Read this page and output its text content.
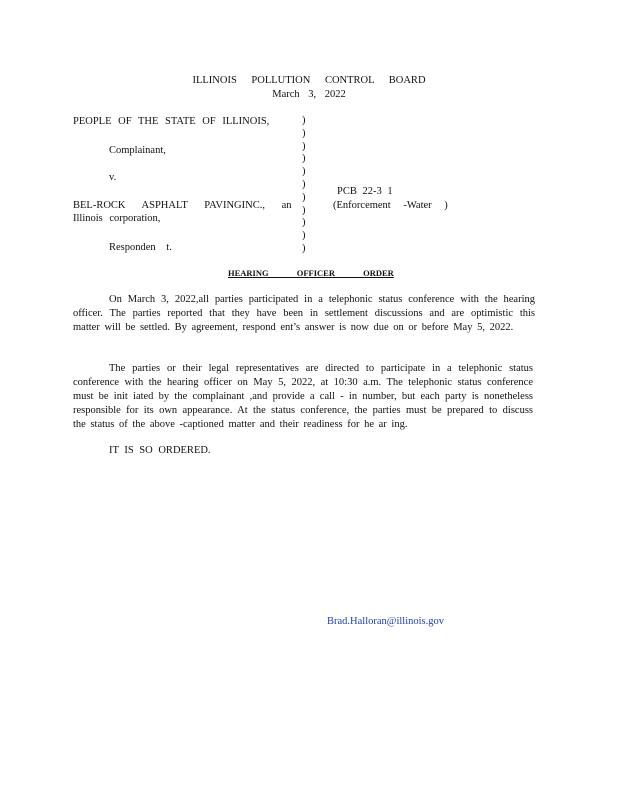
ILLINOIS POLLUTION CONTROL BOARD
March 3, 2022
PEOPLE OF THE STATE OF ILLINOIS,
Complainant,
v.
BEL-ROCK ASPHALT PAVINGINC., an
Illinois corporation,
Responden t.
)
)
)
)
)
)
)
)
)
)
)
PCB 22-3 1
(Enforcement -Water )
HEARING OFFICER ORDER
On March 3, 2022,all parties participated in a telephonic status conference with the hearing officer. The parties reported that they have been in settlement discussions and are optimistic this matter will be settled. By agreement, respond ent’s answer is now due on or before May 5, 2022.
The parties or their legal representatives are directed to participate in a telephonic status conference with the hearing officer on May 5, 2022, at 10:30 a.m. The telephonic status conference must be init iated by the complainant ,and provide a call - in number, but each party is nonetheless responsible for its own appearance. At the status conference, the parties must be prepared to discuss the status of the above -captioned matter and their readiness for he ar ing.
IT IS SO ORDERED.
Brad.Halloran@illinois.gov
